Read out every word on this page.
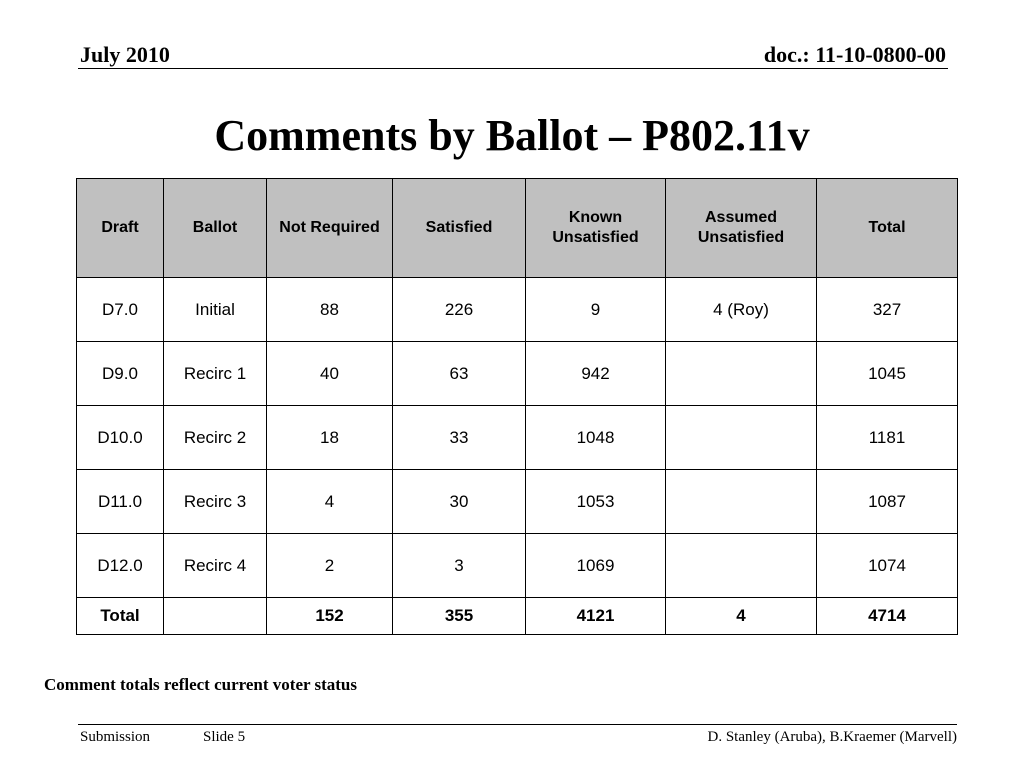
July 2010	doc.: 11-10-0800-00
Comments by Ballot – P802.11v
Draft	Ballot	Not Required	Satisfied	Known Unsatisfied	Assumed Unsatisfied	Total
D7.0	Initial	88	226	9	4 (Roy)	327
D9.0	Recirc 1	40	63	942		1045
D10.0	Recirc 2	18	33	1048		1181
D11.0	Recirc 3	4	30	1053		1087
D12.0	Recirc 4	2	3	1069		1074
Total		152	355	4121	4	4714
Comment totals reflect current voter status
Submission	Slide 5	D. Stanley (Aruba), B.Kraemer (Marvell)
